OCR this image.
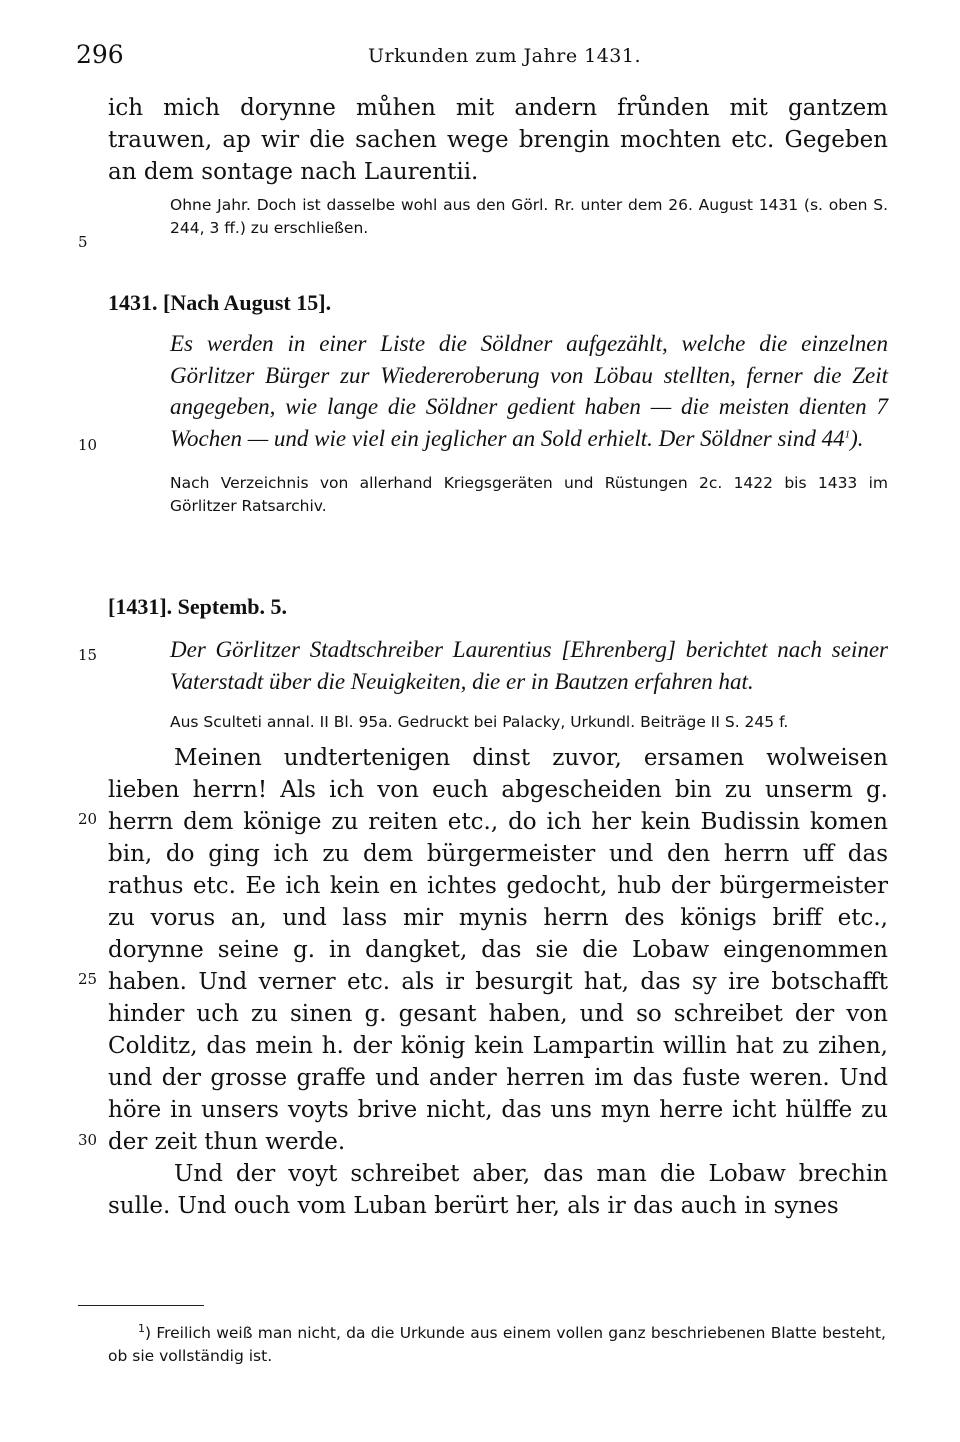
296	Urkunden zum Jahre 1431.
5
10
15
20
25
30

ich mich dorynne můhen mit andern frůnden mit gantzem trauwen, ap wir die sachen wege brengin mochten etc. Gegeben an dem sontage nach Laurentii.

Ohne Jahr. Doch ist dasselbe wohl aus den Görl. Rr. unter dem 26. August 1431 (s. oben S. 244, 3 ff.) zu erschließen.

1431. [Nach August 15].

Es werden in einer Liste die Söldner aufgezählt, welche die einzelnen Görlitzer Bürger zur Wiedereroberung von Löbau stellten, ferner die Zeit angegeben, wie lange die Söldner gedient haben — die meisten dienten 7 Wochen — und wie viel ein jeglicher an Sold erhielt. Der Söldner sind $44^1$).

Nach Verzeichnis von allerhand Kriegsgeräten und Rüstungen 2c. 1422 bis 1433 im Görlitzer Ratsarchiv.

[1431]. Septemb. 5.

Der Görlitzer Stadtschreiber Laurentius [Ehrenberg] berichtet nach seiner Vaterstadt über die Neuigkeiten, die er in Bautzen erfahren hat.

Aus Sculteti annal. II Bl. 95a. Gedruckt bei Palacky, Urkundl. Beiträge II S. 245 f.

Meinen undtertenigen dinst zuvor, ersamen wolweisen lieben herrn! Als ich von euch abgescheiden bin zu unserm g. herrn dem könige zu reiten etc., do ich her kein Budissin komen bin, do ging ich zu dem bürgermeister und den herrn uff das rathus etc. Ee ich kein en ichtes gedocht, hub der bürgermeister zu vorus an, und lass mir mynis herrn des königs briff etc., dorynne seine g. in dangket, das sie die Lobaw eingenommen haben. Und verner etc. als ir besurgit hat, das sy ire botschafft hinder uch zu sinen g. gesant haben, und so schreibet der von Colditz, das mein h. der könig kein Lampartin willin hat zu zihen, und der grosse graffe und ander herren im das fuste weren. Und höre in unsers voyts brive nicht, das uns myn herre icht hülffe zu der zeit thun werde.

Und der voyt schreibet aber, das man die Lobaw brechin sulle. Und ouch vom Luban berürt her, als ir das auch in synes

$^1$) Freilich weiß man nicht, da die Urkunde aus einem vollen ganz beschriebenen Blatte besteht, ob sie vollständig ist.
